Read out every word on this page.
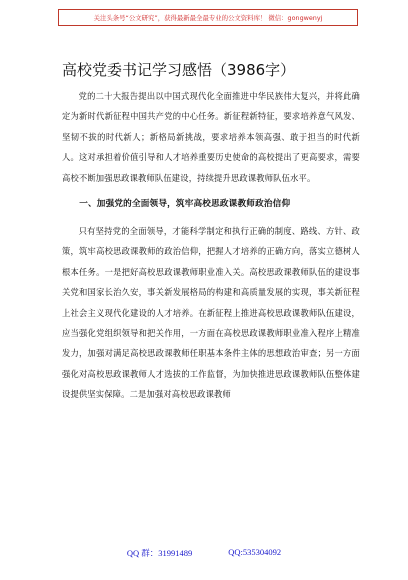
关注头条号“公文研究”，获得最新最全最专业的公文资料库！ 微信：gongwenyj
高校党委书记学习感悟（3986字）

党的二十大报告提出以中国式现代化全面推进中华民族伟大复兴，并将此确定为新时代新征程中国共产党的中心任务。新征程新特征，要求培养意气风发、坚韧不拔的时代新人；新格局新挑战，要求培养本领高强、敢于担当的时代新人。这对承担着价值引导和人才培养重要历史使命的高校提出了更高要求，需要高校不断加强思政课教师队伍建设，持续提升思政课教师队伍水平。

一、加强党的全面领导，筑牢高校思政课教师政治信仰

只有坚持党的全面领导，才能科学制定和执行正确的制度、路线、方针、政策，筑牢高校思政课教师的政治信仰，把握人才培养的正确方向，落实立德树人根本任务。一是把好高校思政课教师职业准入关。高校思政课教师队伍的建设事关党和国家长治久安，事关新发展格局的构建和高质量发展的实现，事关新征程上社会主义现代化建设的人才培养。在新征程上推进高校思政课教师队伍建设，应当强化党组织领导和把关作用，一方面在高校思政课教师职业准入程序上精准发力，加强对满足高校思政课教师任职基本条件主体的思想政治审查；另一方面强化对高校思政课教师人才选拔的工作监督，为加快推进思政课教师队伍整体建设提供坚实保障。二是加强对高校思政课教师

QQ 群：31991489	QQ:535304092
